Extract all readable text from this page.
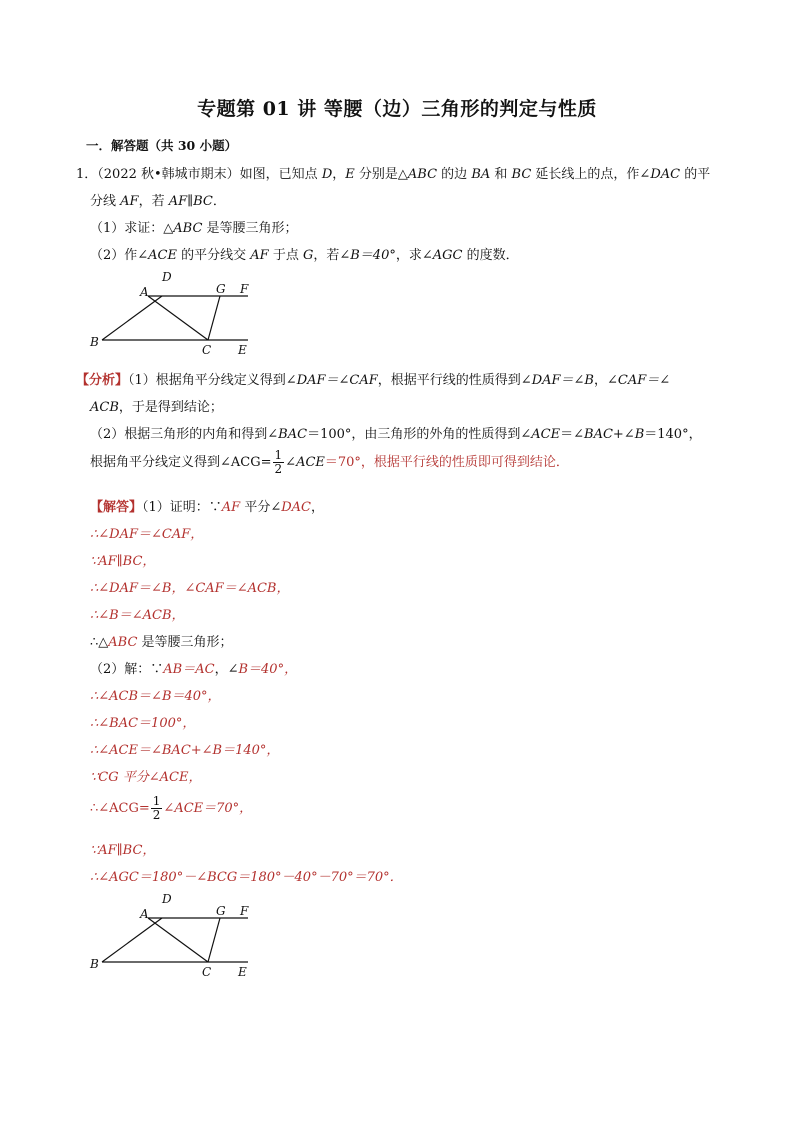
专题第 01 讲 等腰（边）三角形的判定与性质
一．解答题（共 30 小题）
1．（2022 秋•韩城市期末）如图，已知点 D，E 分别是△ABC 的边 BA 和 BC 延长线上的点，作∠DAC 的平
分线 AF，若 AF∥BC．
（1）求证：△ABC 是等腰三角形；
（2）作∠ACE 的平分线交 AF 于点 G，若∠B＝40°，求∠AGC 的度数．
D
A	G F
B
C E
【分析】（1）根据角平分线定义得到∠DAF＝∠CAF，根据平行线的性质得到∠DAF＝∠B，∠CAF＝∠
ACB，于是得到结论；
（2）根据三角形的内角和得到∠BAC＝100°，由三角形的外角的性质得到∠ACE＝∠BAC+∠B＝140°，
根据角平分线定义得到∠ACG= $\frac{1}{2}$ ∠ACE＝70°，根据平行线的性质即可得到结论．
【解答】（1）证明：∵AF 平分∠DAC，
∴∠DAF＝∠CAF，
∵AF∥BC，
∴∠DAF＝∠B，∠CAF＝∠ACB，
∴∠B＝∠ACB，
∴△ABC 是等腰三角形；
（2）解：∵AB＝AC，∠B＝40°，
∴∠ACB＝∠B＝40°，
∴∠BAC＝100°，
∴∠ACE＝∠BAC+∠B＝140°，
∵CG 平分∠ACE，
∴∠ACG= $\frac{1}{2}$ ∠ACE＝70°，
∵AF∥BC，
∴∠AGC＝180°－∠BCG＝180°－40°－70°＝70°．
D
A	G F
B
C E
